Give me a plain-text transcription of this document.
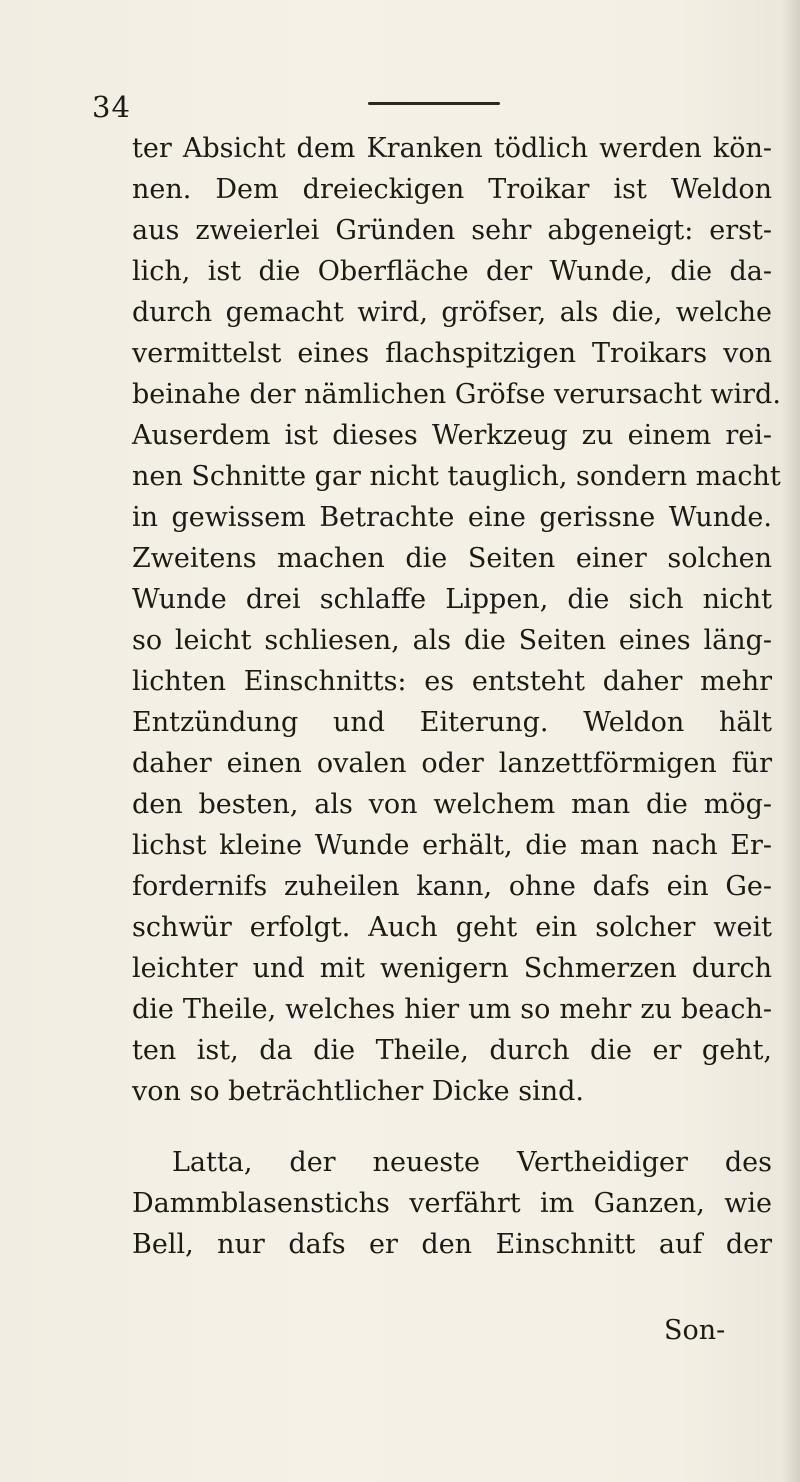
34
ter Absicht dem Kranken tödlich werden kön-
nen. Dem dreieckigen Troikar ist Weldon
aus zweierlei Gründen sehr abgeneigt: erst-
lich, ist die Oberfläche der Wunde, die da-
durch gemacht wird, gröfser, als die, welche
vermittelst eines flachspitzigen Troikars von
beinahe der nämlichen Gröfse verursacht wird.
Auserdem ist dieses Werkzeug zu einem rei-
nen Schnitte gar nicht tauglich, sondern macht
in gewissem Betrachte eine gerissne Wunde.
Zweitens machen die Seiten einer solchen
Wunde drei schlaffe Lippen, die sich nicht
so leicht schliesen, als die Seiten eines läng-
lichten Einschnitts: es entsteht daher mehr
Entzündung und Eiterung. Weldon hält
daher einen ovalen oder lanzettförmigen für
den besten, als von welchem man die mög-
lichst kleine Wunde erhält, die man nach Er-
fordernifs zuheilen kann, ohne dafs ein Ge-
schwür erfolgt. Auch geht ein solcher weit
leichter und mit wenigern Schmerzen durch
die Theile, welches hier um so mehr zu beach-
ten ist, da die Theile, durch die er geht,
von so beträchtlicher Dicke sind.
Latta, der neueste Vertheidiger des
Dammblasenstichs verfährt im Ganzen, wie
Bell, nur dafs er den Einschnitt auf der
Son-
